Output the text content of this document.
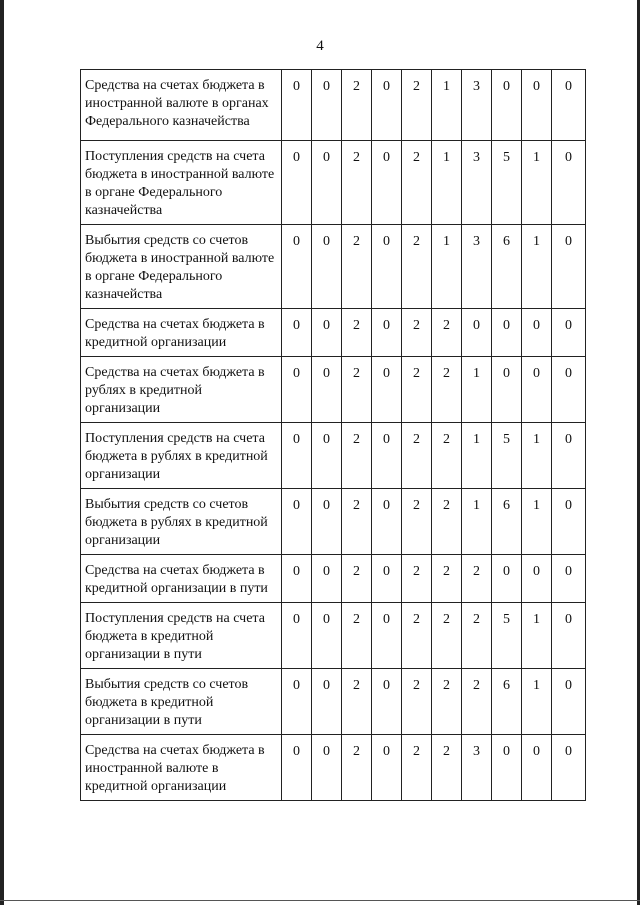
4
Средства на счетах бюджета в иностранной валюте в органах Федерального казначейства	0	0	2	0	2	1	3	0	0	0
Поступления средств на счета бюджета в иностранной валюте в органе Федерального казначейства	0	0	2	0	2	1	3	5	1	0
Выбытия средств со счетов бюджета в иностранной валюте в органе Федерального казначейства	0	0	2	0	2	1	3	6	1	0
Средства на счетах бюджета в кредитной организации	0	0	2	0	2	2	0	0	0	0
Средства на счетах бюджета в рублях в кредитной организации	0	0	2	0	2	2	1	0	0	0
Поступления средств на счета бюджета в рублях в кредитной организации	0	0	2	0	2	2	1	5	1	0
Выбытия средств со счетов бюджета в рублях в кредитной организации	0	0	2	0	2	2	1	6	1	0
Средства на счетах бюджета в кредитной организации в пути	0	0	2	0	2	2	2	0	0	0
Поступления средств на счета бюджета в кредитной организации в пути	0	0	2	0	2	2	2	5	1	0
Выбытия средств со счетов бюджета в кредитной организации в пути	0	0	2	0	2	2	2	6	1	0
Средства на счетах бюджета в иностранной валюте в кредитной организации	0	0	2	0	2	2	3	0	0	0
